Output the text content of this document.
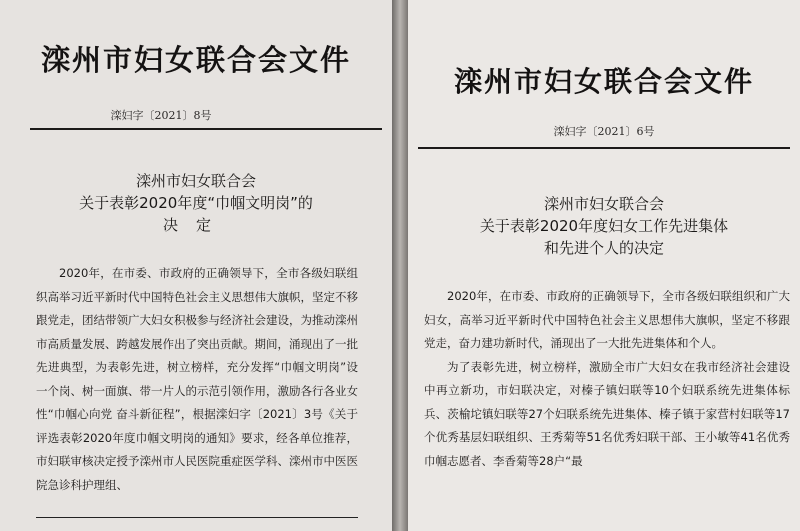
滦州市妇女联合会文件
滦妇字〔2021〕8号
滦州市妇女联合会
关于表彰2020年度“巾帼文明岗”的
决定

2020年，在市委、市政府的正确领导下，全市各级妇联组织高举习近平新时代中国特色社会主义思想伟大旗帜，坚定不移跟党走，团结带领广大妇女积极参与经济社会建设，为推动滦州市高质量发展、跨越发展作出了突出贡献。期间，涌现出了一批先进典型，为表彰先进，树立榜样，充分发挥“巾帼文明岗”设一个岗、树一面旗、带一片人的示范引领作用，激励各行各业女性“巾帼心向党 奋斗新征程”，根据滦妇字〔2021〕3号《关于评选表彰2020年度巾帼文明岗的通知》要求，经各单位推荐，市妇联审核决定授予滦州市人民医院重症医学科、滦州市中医医院急诊科护理组、

滦州市妇女联合会文件
滦妇字〔2021〕6号
滦州市妇女联合会
关于表彰2020年度妇女工作先进集体
和先进个人的决定

2020年，在市委、市政府的正确领导下，全市各级妇联组织和广大妇女，高举习近平新时代中国特色社会主义思想伟大旗帜，坚定不移跟党走，奋力建功新时代，涌现出了一大批先进集体和个人。

为了表彰先进，树立榜样，激励全市广大妇女在我市经济社会建设中再立新功，市妇联决定，对榛子镇妇联等10个妇联系统先进集体标兵、茨榆坨镇妇联等27个妇联系统先进集体、榛子镇于家营村妇联等17个优秀基层妇联组织、王秀菊等51名优秀妇联干部、王小敏等41名优秀巾帼志愿者、李香菊等28户“最
